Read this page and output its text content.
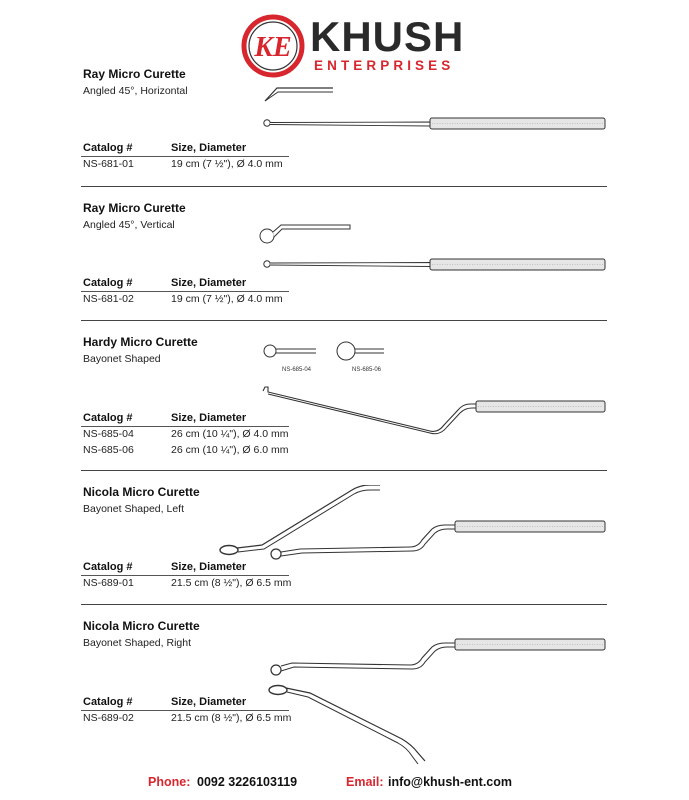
KE KHUSH
ENTERPRISES
Ray Micro Curette
Angled 45°, Horizontal
Catalog #	Size, Diameter
NS-681-01	19 cm (7 ½"), Ø 4.0 mm
Ray Micro Curette
Angled 45°, Vertical
Catalog #	Size, Diameter
NS-681-02	19 cm (7 ½"), Ø 4.0 mm
Hardy Micro Curette
Bayonet Shaped
NS-685-04	NS-685-06
Catalog #	Size, Diameter
NS-685-04	26 cm (10 ¼"), Ø 4.0 mm
NS-685-06	26 cm (10 ¼"), Ø 6.0 mm
Nicola Micro Curette
Bayonet Shaped, Left
Catalog #	Size, Diameter
NS-689-01	21.5 cm (8 ½"), Ø 6.5 mm
Nicola Micro Curette
Bayonet Shaped, Right
Catalog #	Size, Diameter
NS-689-02	21.5 cm (8 ½"), Ø 6.5 mm
Phone: 0092 3226103119	Email: info@khush-ent.com
